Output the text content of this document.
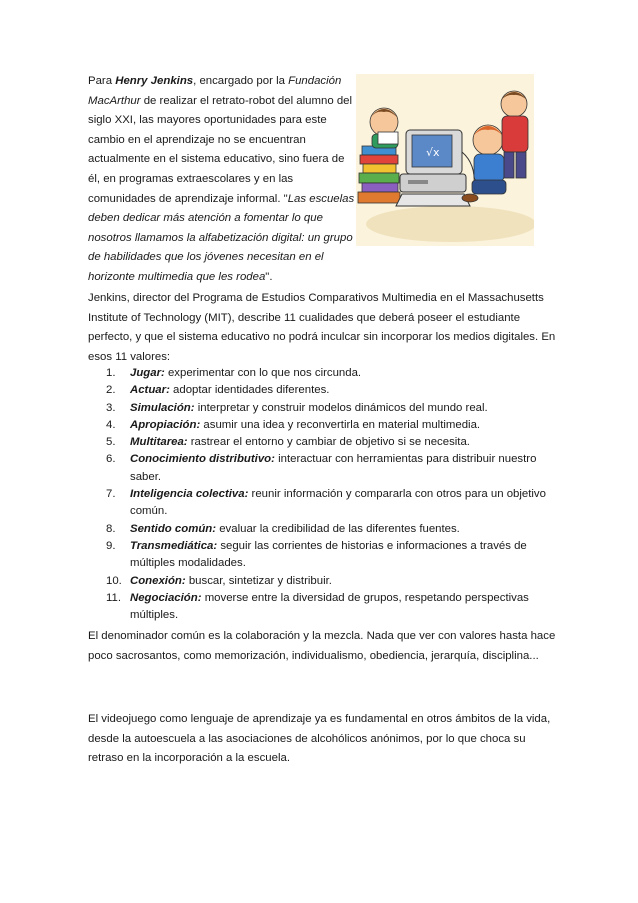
Para Henry Jenkins, encargado por la Fundación MacArthur de realizar el retrato-robot del alumno del siglo XXI, las mayores oportunidades para este cambio en el aprendizaje no se encuentran actualmente en el sistema educativo, sino fuera de él, en programas extraescolares y en las comunidades de aprendizaje informal. "Las escuelas deben dedicar más atención a fomentar lo que nosotros llamamos la alfabetización digital: un grupo de habilidades que los jóvenes necesitan en el horizonte multimedia que les rodea".

√x

Jenkins, director del Programa de Estudios Comparativos Multimedia en el Massachusetts Institute of Technology (MIT), describe 11 cualidades que deberá poseer el estudiante perfecto, y que el sistema educativo no podrá inculcar sin incorporar los medios digitales. En esos 11 valores:

1. Jugar: experimentar con lo que nos circunda.
2. Actuar: adoptar identidades diferentes.
3. Simulación: interpretar y construir modelos dinámicos del mundo real.
4. Apropiación: asumir una idea y reconvertirla en material multimedia.
5. Multitarea: rastrear el entorno y cambiar de objetivo si se necesita.
6. Conocimiento distributivo: interactuar con herramientas para distribuir nuestro saber.
7. Inteligencia colectiva: reunir información y compararla con otros para un objetivo común.
8. Sentido común: evaluar la credibilidad de las diferentes fuentes.
9. Transmediática: seguir las corrientes de historias e informaciones a través de múltiples modalidades.
10. Conexión: buscar, sintetizar y distribuir.
11. Negociación: moverse entre la diversidad de grupos, respetando perspectivas múltiples.

El denominador común es la colaboración y la mezcla. Nada que ver con valores hasta hace poco sacrosantos, como memorización, individualismo, obediencia, jerarquía, disciplina...

El videojuego como lenguaje de aprendizaje ya es fundamental en otros ámbitos de la vida, desde la autoescuela a las asociaciones de alcohólicos anónimos, por lo que choca su retraso en la incorporación a la escuela.
